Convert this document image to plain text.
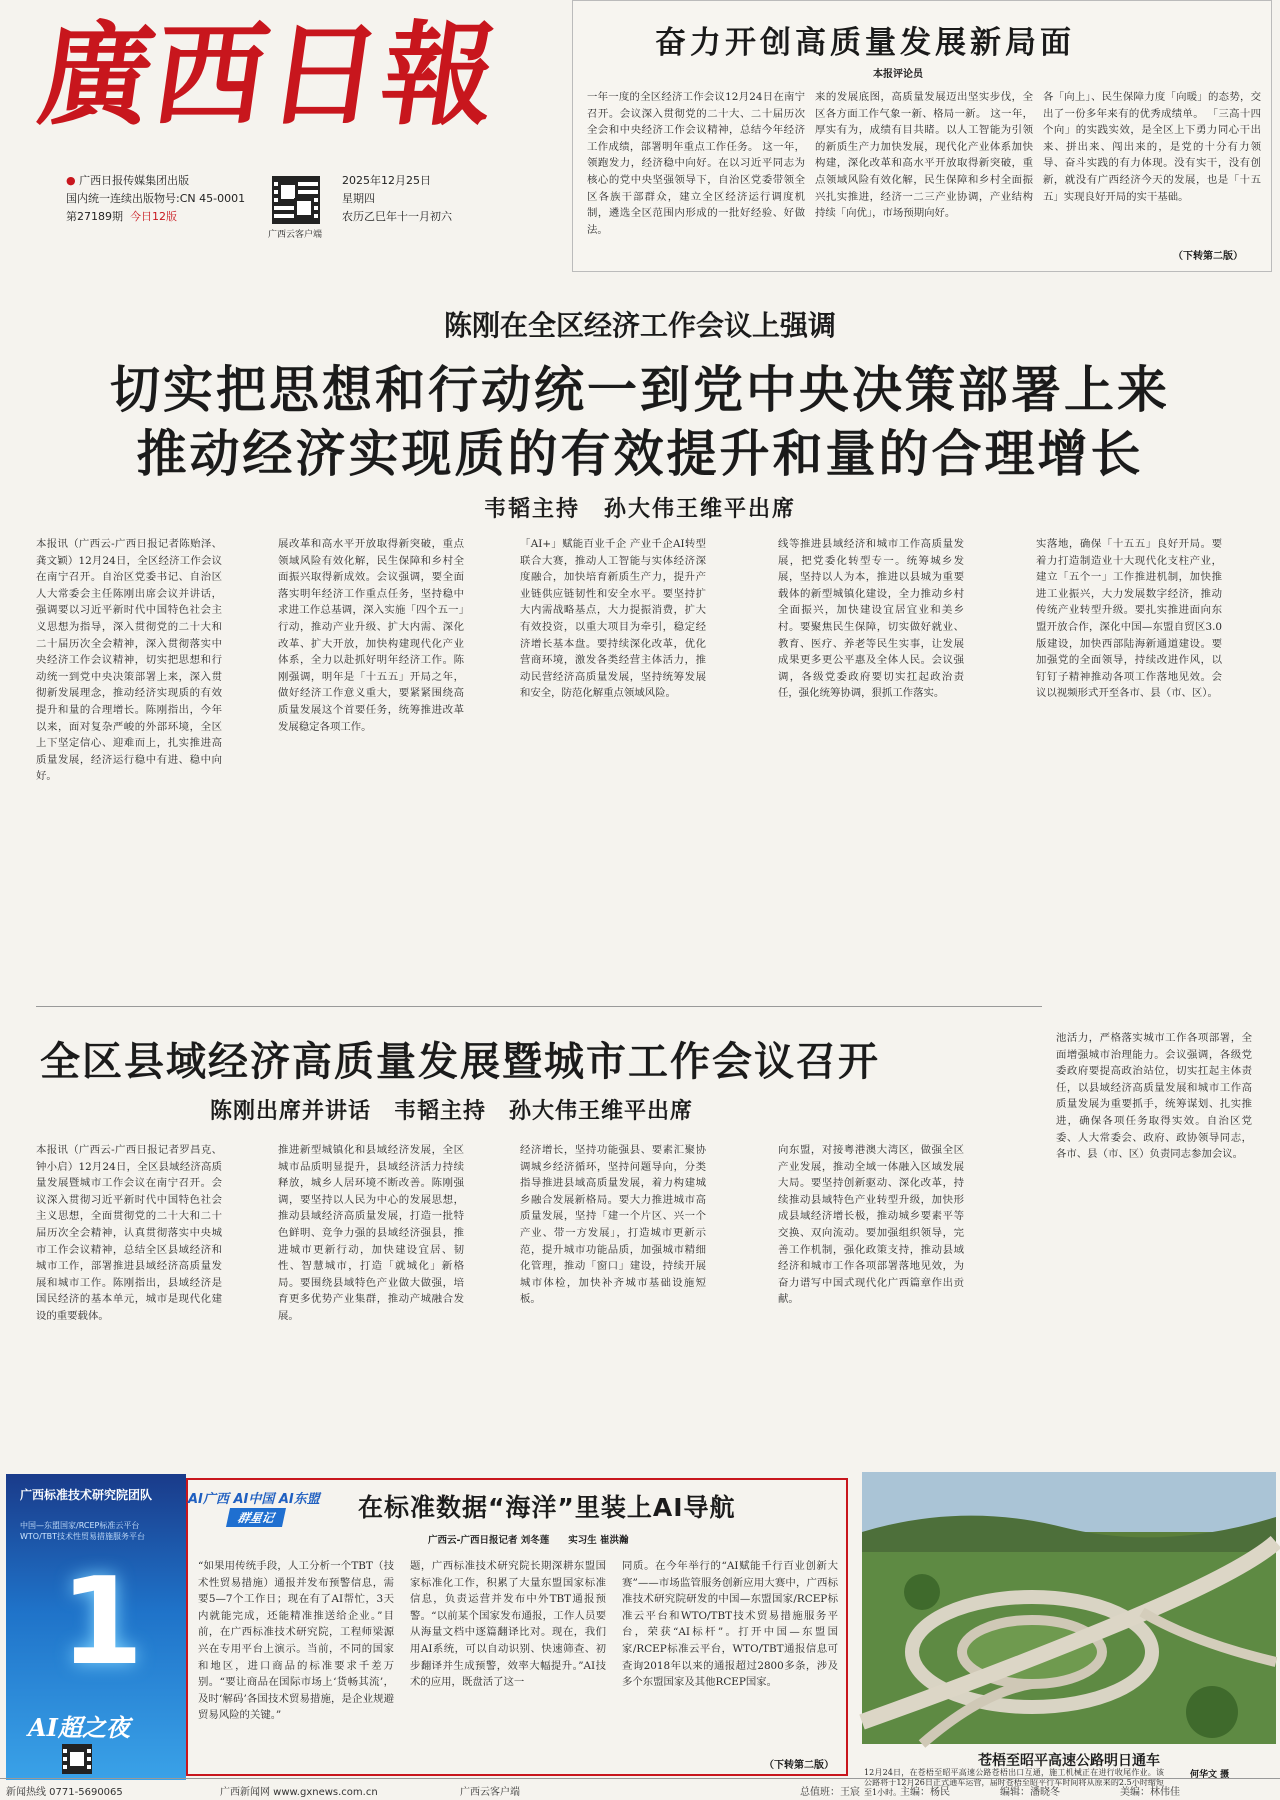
廣西日報
● 广西日报传媒集团出版
国内统一连续出版物号:CN 45-0001
第27189期 今日12版
广西云客户端
2025年12月25日
星期四
农历乙巳年十一月初六
奋力开创高质量发展新局面
本报评论员
一年一度的全区经济工作会议12月24日在南宁召开。会议深入贯彻党的二十大、二十届历次全会和中央经济工作会议精神，总结今年经济工作成绩，部署明年重点工作任务。 这一年，领跑发力，经济稳中向好。在以习近平同志为核心的党中央坚强领导下，自治区党委带领全区各族干部群众，建立全区经济运行调度机制，遴选全区范围内形成的一批好经验、好做法。
来的发展底图，高质量发展迈出坚实步伐，全区各方面工作气象一新、格局一新。 这一年，厚实有为，成绩有目共睹。以人工智能为引领的新质生产力加快发展，现代化产业体系加快构建，深化改革和高水平开放取得新突破，重点领域风险有效化解，民生保障和乡村全面振兴扎实推进，经济一二三产业协调，产业结构持续「向优」，市场预期向好。
各「向上」、民生保障力度「向暖」的态势，交出了一份多年来有的优秀成绩单。 「三高十四个向」的实践实效，是全区上下勇力同心干出来、拼出来、闯出来的，是党的十分有力领导、奋斗实践的有力体现。没有实干，没有创新，就没有广西经济今天的发展，也是「十五五」实现良好开局的实干基础。
（下转第二版）
陈刚在全区经济工作会议上强调
切实把思想和行动统一到党中央决策部署上来
推动经济实现质的有效提升和量的合理增长
韦韬主持　孙大伟王维平出席
本报讯（广西云-广西日报记者陈贻泽、龚文颖）12月24日，全区经济工作会议在南宁召开。自治区党委书记、自治区人大常委会主任陈刚出席会议并讲话，强调要以习近平新时代中国特色社会主义思想为指导，深入贯彻党的二十大和二十届历次全会精神，深入贯彻落实中央经济工作会议精神，切实把思想和行动统一到党中央决策部署上来，深入贯彻新发展理念，推动经济实现质的有效提升和量的合理增长。陈刚指出，今年以来，面对复杂严峻的外部环境，全区上下坚定信心、迎难而上，扎实推进高质量发展，经济运行稳中有进、稳中向好。
展改革和高水平开放取得新突破，重点领域风险有效化解，民生保障和乡村全面振兴取得新成效。会议强调，要全面落实明年经济工作重点任务，坚持稳中求进工作总基调，深入实施「四个五一」行动，推动产业升级、扩大内需、深化改革、扩大开放，加快构建现代化产业体系，全力以赴抓好明年经济工作。陈刚强调，明年是「十五五」开局之年，做好经济工作意义重大，要紧紧围绕高质量发展这个首要任务，统筹推进改革发展稳定各项工作。
「AI+」赋能百业千企 产业千企AI转型联合大赛，推动人工智能与实体经济深度融合，加快培育新质生产力，提升产业链供应链韧性和安全水平。要坚持扩大内需战略基点，大力提振消费，扩大有效投资，以重大项目为牵引，稳定经济增长基本盘。要持续深化改革，优化营商环境，激发各类经营主体活力，推动民营经济高质量发展，坚持统筹发展和安全，防范化解重点领域风险。
线等推进县域经济和城市工作高质量发展，把党委化转型专一。统筹城乡发展，坚持以人为本，推进以县城为重要载体的新型城镇化建设，全力推动乡村全面振兴，加快建设宜居宜业和美乡村。要聚焦民生保障，切实做好就业、教育、医疗、养老等民生实事，让发展成果更多更公平惠及全体人民。会议强调，各级党委政府要切实扛起政治责任，强化统筹协调，狠抓工作落实。
实落地，确保「十五五」良好开局。要着力打造制造业十大现代化支柱产业，建立「五个一」工作推进机制，加快推进工业振兴，大力发展数字经济，推动传统产业转型升级。要扎实推进面向东盟开放合作，深化中国—东盟自贸区3.0版建设，加快西部陆海新通道建设。要加强党的全面领导，持续改进作风，以钉钉子精神推动各项工作落地见效。会议以视频形式开至各市、县（市、区）。
全区县域经济高质量发展暨城市工作会议召开
陈刚出席并讲话　韦韬主持　孙大伟王维平出席
本报讯（广西云-广西日报记者罗昌克、钟小启）12月24日，全区县域经济高质量发展暨城市工作会议在南宁召开。会议深入贯彻习近平新时代中国特色社会主义思想，全面贯彻党的二十大和二十届历次全会精神，认真贯彻落实中央城市工作会议精神，总结全区县域经济和城市工作，部署推进县域经济高质量发展和城市工作。陈刚指出，县域经济是国民经济的基本单元，城市是现代化建设的重要载体。
推进新型城镇化和县域经济发展，全区城市品质明显提升，县域经济活力持续释放，城乡人居环境不断改善。陈刚强调，要坚持以人民为中心的发展思想，推动县域经济高质量发展，打造一批特色鲜明、竞争力强的县域经济强县，推进城市更新行动，加快建设宜居、韧性、智慧城市，打造「就城化」新格局。要围绕县域特色产业做大做强，培育更多优势产业集群，推动产城融合发展。
经济增长，坚持功能强县、要素汇聚协调城乡经济循环，坚持问题导向，分类指导推进县域高质量发展，着力构建城乡融合发展新格局。要大力推进城市高质量发展，坚持「建一个片区、兴一个产业、带一方发展」，打造城市更新示范，提升城市功能品质，加强城市精细化管理，推动「窗口」建设，持续开展城市体检，加快补齐城市基础设施短板。
向东盟，对接粤港澳大湾区，做强全区产业发展，推动全域一体融入区域发展大局。要坚持创新驱动、深化改革，持续推动县域特色产业转型升级，加快形成县域经济增长极，推动城乡要素平等交换、双向流动。要加强组织领导，完善工作机制，强化政策支持，推动县域经济和城市工作各项部署落地见效，为奋力谱写中国式现代化广西篇章作出贡献。
池活力，严格落实城市工作各项部署，全面增强城市治理能力。会议强调，各级党委政府要提高政治站位，切实扛起主体责任，以县域经济高质量发展和城市工作高质量发展为重要抓手，统筹谋划、扎实推进，确保各项任务取得实效。自治区党委、人大常委会、政府、政协领导同志，各市、县（市、区）负责同志参加会议。
广西标准技术研究院团队
中国—东盟国家/RCEP标准云平台 WTO/TBT技术性贸易措施服务平台
1
AI超之夜
AI广西 AI中国 AI东盟
群星记	在标准数据“海洋”里装上AI导航
广西云-广西日报记者 刘冬莲　　实习生 崔洪瀚
“如果用传统手段，人工分析一个TBT（技术性贸易措施）通报并发布预警信息，需要5—7个工作日；现在有了AI帮忙，3天内就能完成，还能精准推送给企业。”目前，在广西标准技术研究院，工程师梁源兴在专用平台上演示。当前，不同的国家和地区，进口商品的标准要求千差万别。“要让商品在国际市场上‘货畅其流’，及时‘解码’各国技术贸易措施，是企业规避贸易风险的关键。”
题，广西标准技术研究院长期深耕东盟国家标准化工作，积累了大量东盟国家标准信息，负责运营并发布中外TBT通报预警。“以前某个国家发布通报，工作人员要从海量文档中逐篇翻译比对。现在，我们用AI系统，可以自动识别、快速筛查、初步翻译并生成预警，效率大幅提升。”AI技术的应用，既盘活了这一
同质。在今年举行的“AI赋能千行百业创新大赛”——市场监管服务创新应用大赛中，广西标准技术研究院研发的中国—东盟国家/RCEP标准云平台和WTO/TBT技术贸易措施服务平台，荣获“AI标杆”。打开中国—东盟国家/RCEP标准云平台，WTO/TBT通报信息可查询2018年以来的通报超过2800多条，涉及多个东盟国家及其他RCEP国家。
（下转第二版）	苍梧至昭平高速公路明日通车
12月24日，在苍梧至昭平高速公路苍梧出口互通，施工机械正在进行收尾作业。该公路将于12月26日正式通车运营，届时苍梧至昭平行车时间将从原来的2.5小时缩短至1小时。
何华文 摄
新闻热线 0771-5690065	广西新闻网 www.gxnews.com.cn	广西云客户端	总值班：王宸	主编：杨民	编辑：潘晓冬	美编：林伟佳
